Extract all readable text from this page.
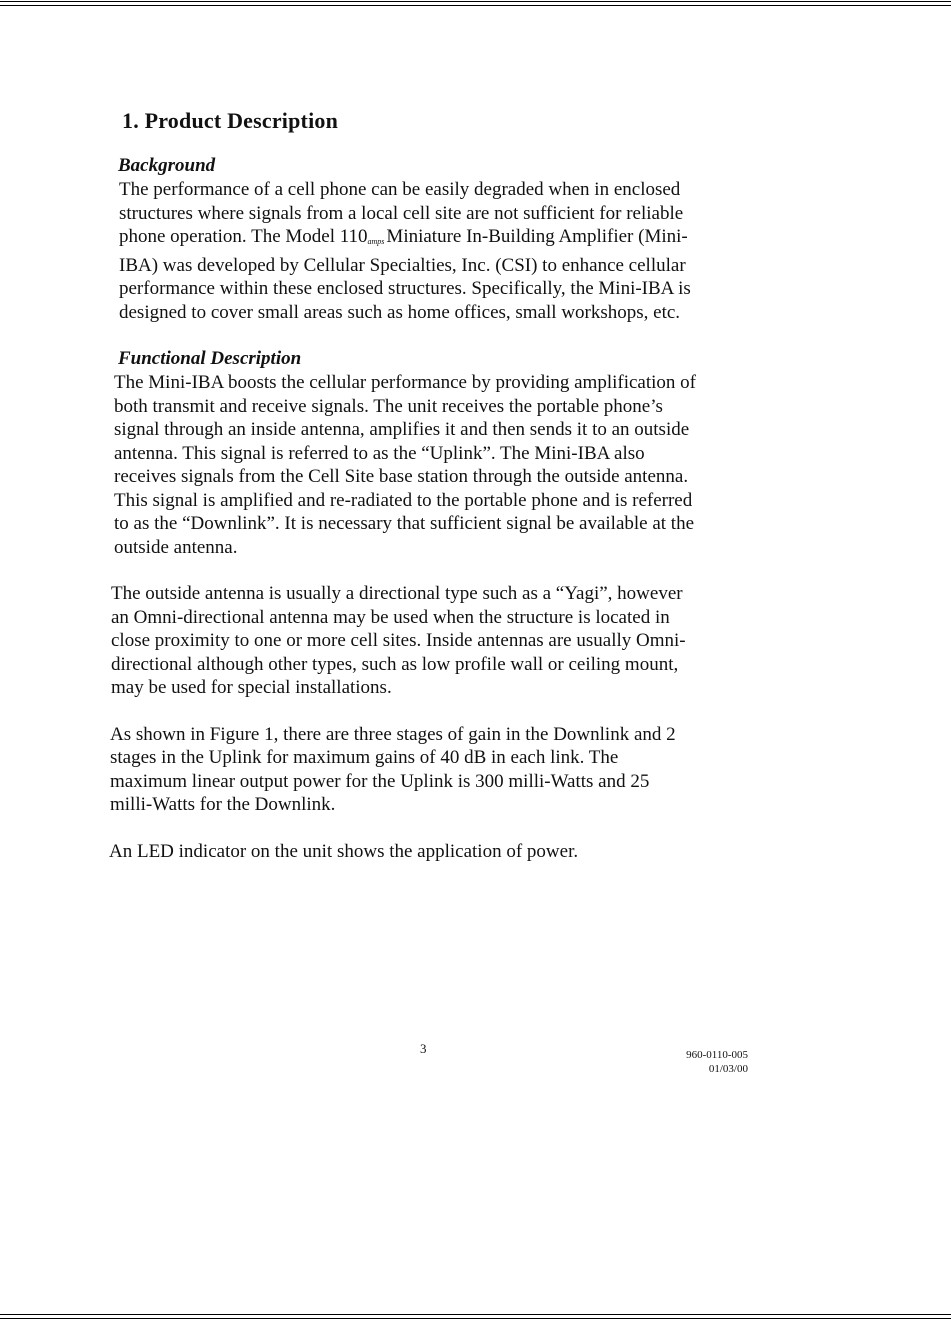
1. Product Description
Background
The performance of a cell phone can be easily degraded when in enclosed
structures where signals from a local cell site are not sufficient for reliable
phone operation. The Model 110amps Miniature In-Building Amplifier (Mini-
IBA) was developed by Cellular Specialties, Inc. (CSI) to enhance cellular
performance within these enclosed structures. Specifically, the Mini-IBA is
designed to cover small areas such as home offices, small workshops, etc.
Functional Description
The Mini-IBA boosts the cellular performance by providing amplification of
both transmit and receive signals. The unit receives the portable phone’s
signal through an inside antenna, amplifies it and then sends it to an outside
antenna. This signal is referred to as the “Uplink”. The Mini-IBA also
receives signals from the Cell Site base station through the outside antenna.
This signal is amplified and re-radiated to the portable phone and is referred
to as the “Downlink”. It is necessary that sufficient signal be available at the
outside antenna.
The outside antenna is usually a directional type such as a “Yagi”, however
an Omni-directional antenna may be used when the structure is located in
close proximity to one or more cell sites. Inside antennas are usually Omni-
directional although other types, such as low profile wall or ceiling mount,
may be used for special installations.
As shown in Figure 1, there are three stages of gain in the Downlink and 2
stages in the Uplink for maximum gains of 40 dB in each link. The
maximum linear output power for the Uplink is 300 milli-Watts and 25
milli-Watts for the Downlink.
An LED indicator on the unit shows the application of power.
3	960-0110-005
01/03/00
